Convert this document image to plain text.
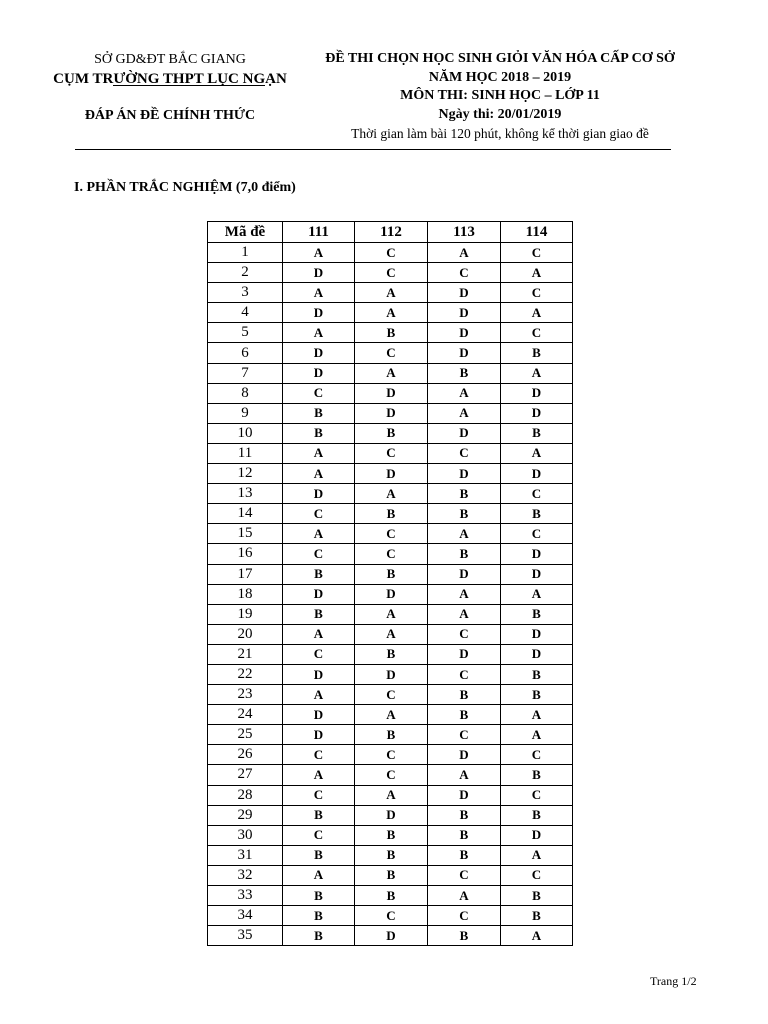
SỞ GD&ĐT BẮC GIANG
CỤM TRƯỜNG THPT LỤC NGẠN
ĐÁP ÁN ĐỀ CHÍNH THỨC
ĐỀ THI CHỌN HỌC SINH GIỎI VĂN HÓA CẤP CƠ SỞ
NĂM HỌC 2018 – 2019
MÔN THI: SINH HỌC – LỚP 11
Ngày thi: 20/01/2019
Thời gian làm bài 120 phút, không kể thời gian giao đề
I. PHẦN TRẮC NGHIỆM (7,0 điểm)
Mã đề	111	112	113	114
1	A	C	A	C
2	D	C	C	A
3	A	A	D	C
4	D	A	D	A
5	A	B	D	C
6	D	C	D	B
7	D	A	B	A
8	C	D	A	D
9	B	D	A	D
10	B	B	D	B
11	A	C	C	A
12	A	D	D	D
13	D	A	B	C
14	C	B	B	B
15	A	C	A	C
16	C	C	B	D
17	B	B	D	D
18	D	D	A	A
19	B	A	A	B
20	A	A	C	D
21	C	B	D	D
22	D	D	C	B
23	A	C	B	B
24	D	A	B	A
25	D	B	C	A
26	C	C	D	C
27	A	C	A	B
28	C	A	D	C
29	B	D	B	B
30	C	B	B	D
31	B	B	B	A
32	A	B	C	C
33	B	B	A	B
34	B	C	C	B
35	B	D	B	A
Trang 1/2
